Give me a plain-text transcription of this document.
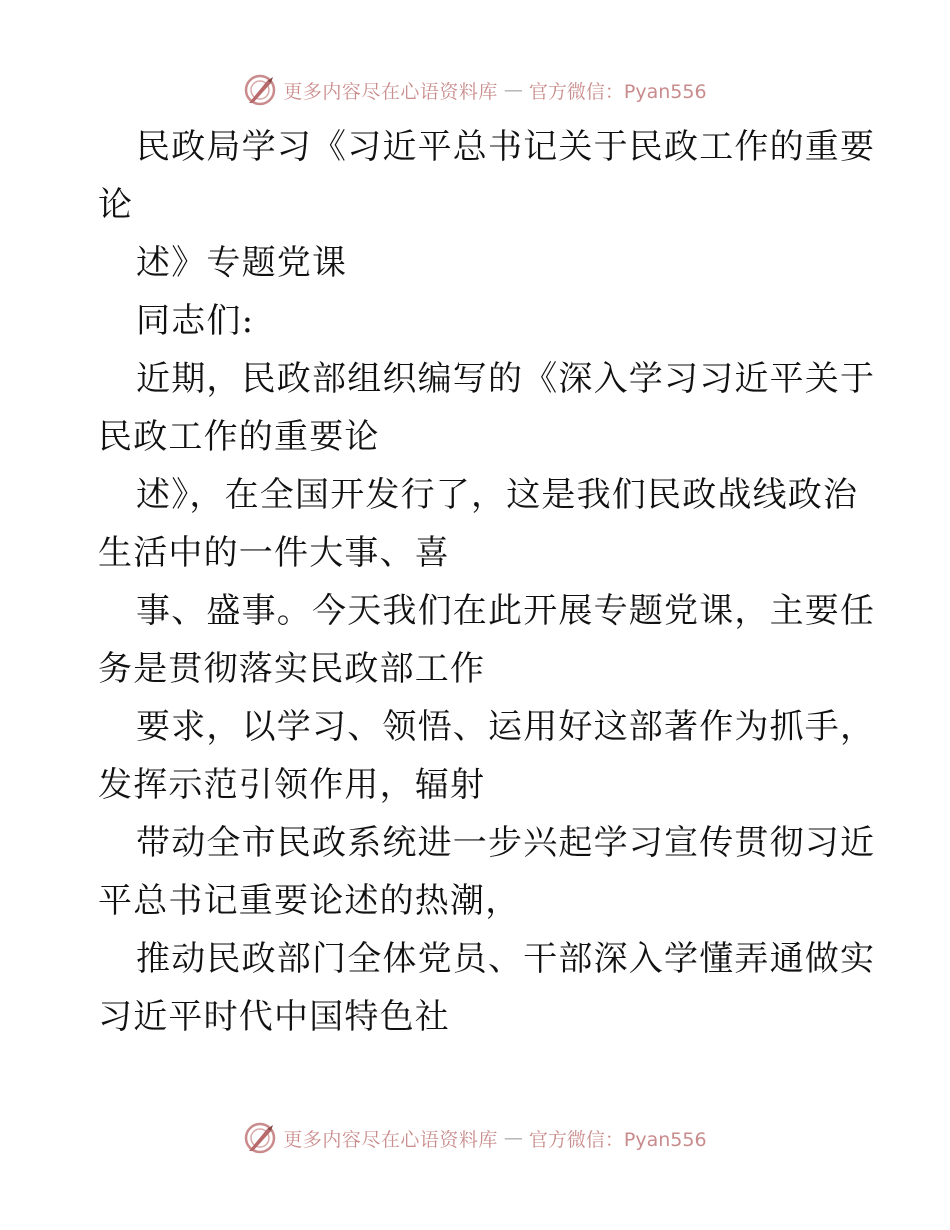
更多内容尽在心语资料库 — 官方微信：Pyan556
民政局学习《习近平总书记关于民政工作的重要
论
述》专题党课
同志们:
近期，民政部组织编写的《深入学习习近平关于
民政工作的重要论
述》，在全国开发行了，这是我们民政战线政治
生活中的一件大事、喜
事、盛事。今天我们在此开展专题党课，主要任
务是贯彻落实民政部工作
要求，以学习、领悟、运用好这部著作为抓手，
发挥示范引领作用，辐射
带动全市民政系统进一步兴起学习宣传贯彻习近
平总书记重要论述的热潮，
推动民政部门全体党员、干部深入学懂弄通做实
习近平时代中国特色社
更多内容尽在心语资料库 — 官方微信：Pyan556
